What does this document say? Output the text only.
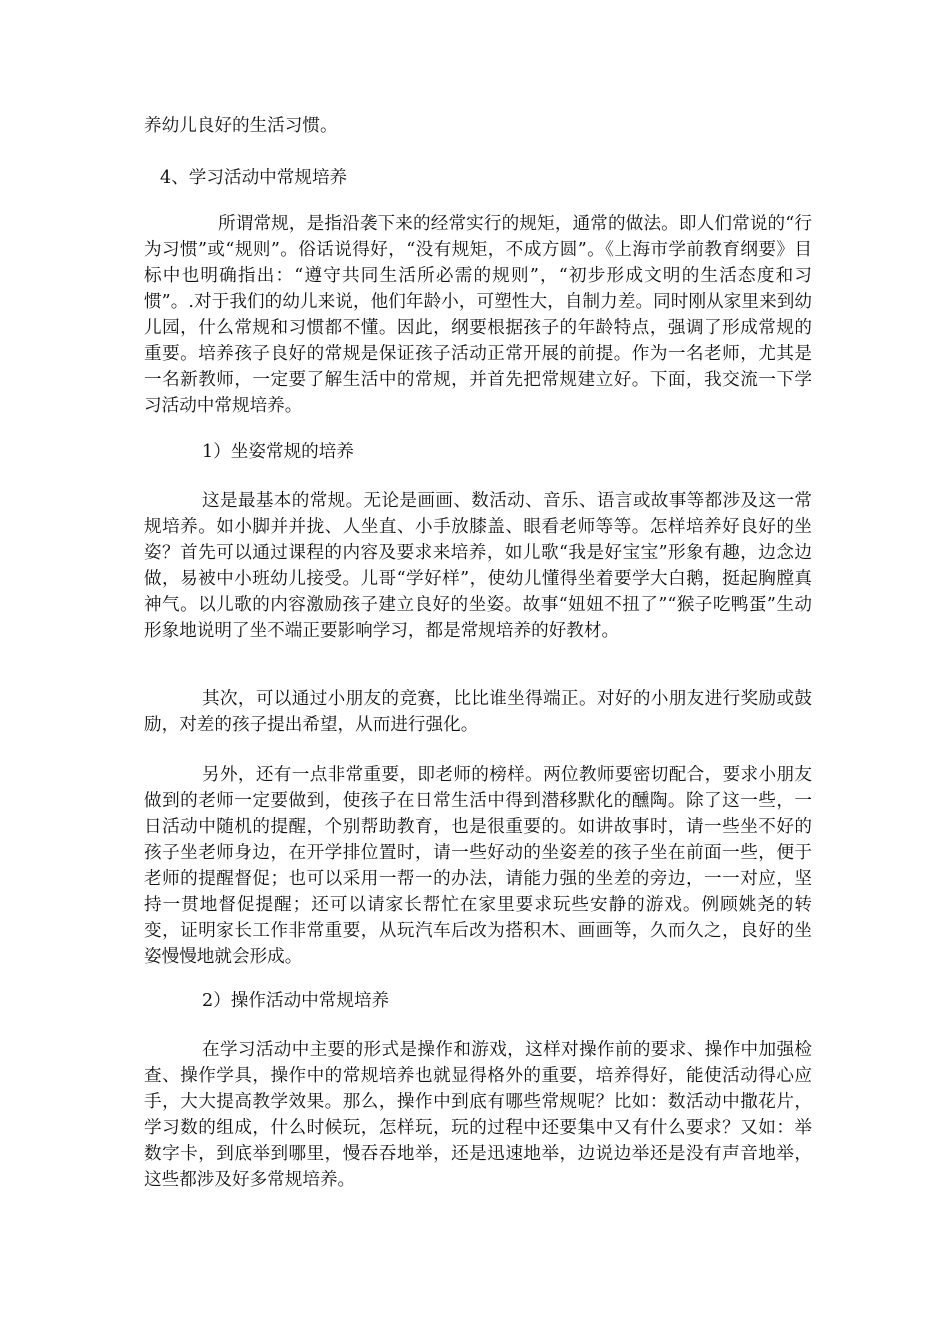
养幼儿良好的生活习惯。

4、学习活动中常规培养

所谓常规，是指沿袭下来的经常实行的规矩，通常的做法。即人们常说的“行为习惯”或“规则”。俗话说得好，“没有规矩，不成方圆”。《上海市学前教育纲要》目标中也明确指出：“遵守共同生活所必需的规则”，“初步形成文明的生活态度和习惯”。.对于我们的幼儿来说，他们年龄小，可塑性大，自制力差。同时刚从家里来到幼儿园，什么常规和习惯都不懂。因此，纲要根据孩子的年龄特点，强调了形成常规的重要。培养孩子良好的常规是保证孩子活动正常开展的前提。作为一名老师，尤其是一名新教师，一定要了解生活中的常规，并首先把常规建立好。下面，我交流一下学习活动中常规培养。

1）坐姿常规的培养

这是最基本的常规。无论是画画、数活动、音乐、语言或故事等都涉及这一常规培养。如小脚并并拢、人坐直、小手放膝盖、眼看老师等等。怎样培养好良好的坐姿？首先可以通过课程的内容及要求来培养，如儿歌“我是好宝宝”形象有趣，边念边做，易被中小班幼儿接受。儿哥“学好样”，使幼儿懂得坐着要学大白鹅，挺起胸膛真神气。以儿歌的内容激励孩子建立良好的坐姿。故事“妞妞不扭了”“猴子吃鸭蛋”生动形象地说明了坐不端正要影响学习，都是常规培养的好教材。

其次，可以通过小朋友的竞赛，比比谁坐得端正。对好的小朋友进行奖励或鼓励，对差的孩子提出希望，从而进行强化。

另外，还有一点非常重要，即老师的榜样。两位教师要密切配合，要求小朋友做到的老师一定要做到，使孩子在日常生活中得到潜移默化的醺陶。除了这一些，一日活动中随机的提醒，个别帮助教育，也是很重要的。如讲故事时，请一些坐不好的孩子坐老师身边，在开学排位置时，请一些好动的坐姿差的孩子坐在前面一些，便于老师的提醒督促；也可以采用一帮一的办法，请能力强的坐差的旁边，一一对应，坚持一贯地督促提醒；还可以请家长帮忙在家里要求玩些安静的游戏。例顾姚尧的转变，证明家长工作非常重要，从玩汽车后改为搭积木、画画等，久而久之，良好的坐姿慢慢地就会形成。

2）操作活动中常规培养

在学习活动中主要的形式是操作和游戏，这样对操作前的要求、操作中加强检查、操作学具，操作中的常规培养也就显得格外的重要，培养得好，能使活动得心应手，大大提高教学效果。那么，操作中到底有哪些常规呢？比如：数活动中撒花片，学习数的组成，什么时候玩，怎样玩，玩的过程中还要集中又有什么要求？又如：举数字卡，到底举到哪里，慢吞吞地举，还是迅速地举，边说边举还是没有声音地举，这些都涉及好多常规培养。
